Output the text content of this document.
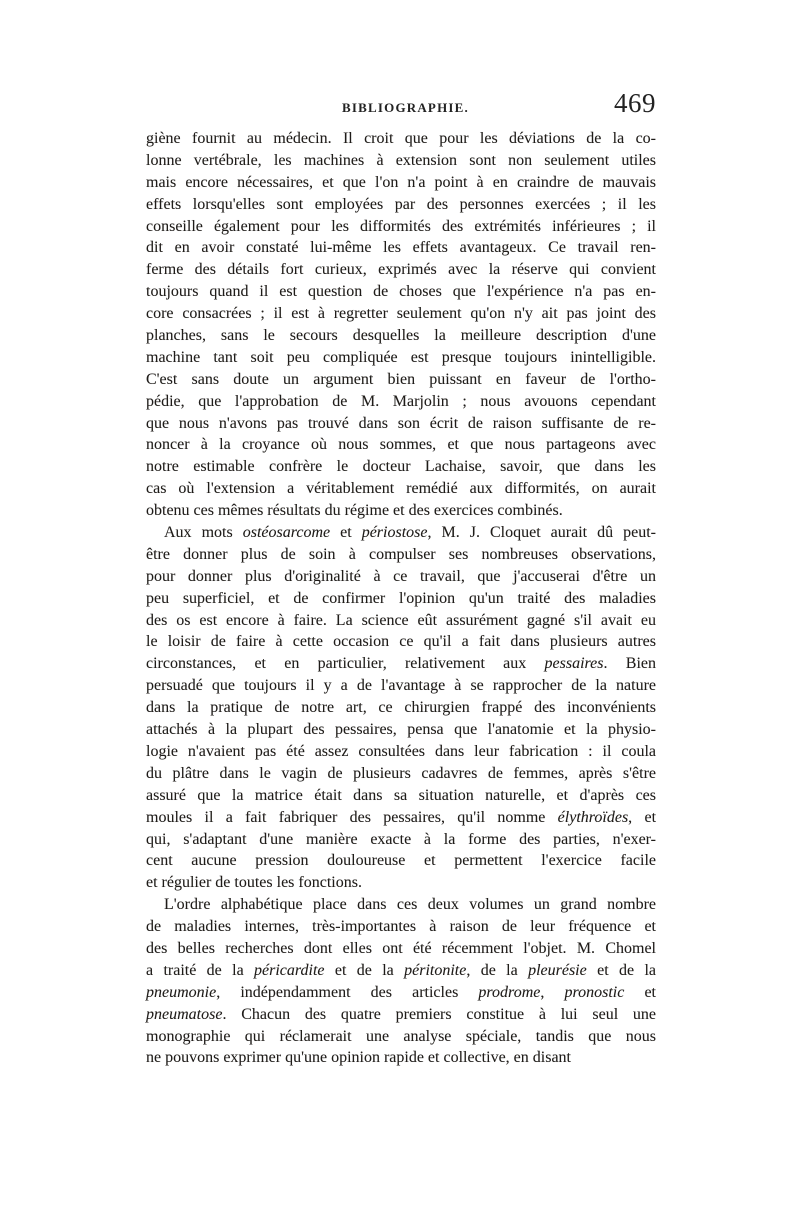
BIBLIOGRAPHIE.	469
giène fournit au médecin. Il croit que pour les déviations de la co-
lonne vertébrale, les machines à extension sont non seulement utiles
mais encore nécessaires, et que l'on n'a point à en craindre de mauvais
effets lorsqu'elles sont employées par des personnes exercées ; il les
conseille également pour les difformités des extrémités inférieures ; il
dit en avoir constaté lui-même les effets avantageux. Ce travail ren-
ferme des détails fort curieux, exprimés avec la réserve qui convient
toujours quand il est question de choses que l'expérience n'a pas en-
core consacrées ; il est à regretter seulement qu'on n'y ait pas joint des
planches, sans le secours desquelles la meilleure description d'une
machine tant soit peu compliquée est presque toujours inintelligible.
C'est sans doute un argument bien puissant en faveur de l'ortho-
pédie, que l'approbation de M. Marjolin ; nous avouons cependant
que nous n'avons pas trouvé dans son écrit de raison suffisante de re-
noncer à la croyance où nous sommes, et que nous partageons avec
notre estimable confrère le docteur Lachaise, savoir, que dans les
cas où l'extension a véritablement remédié aux difformités, on aurait
obtenu ces mêmes résultats du régime et des exercices combinés.
Aux mots ostéosarcome et périostose, M. J. Cloquet aurait dû peut-
être donner plus de soin à compulser ses nombreuses observations,
pour donner plus d'originalité à ce travail, que j'accuserai d'être un
peu superficiel, et de confirmer l'opinion qu'un traité des maladies
des os est encore à faire. La science eût assurément gagné s'il avait eu
le loisir de faire à cette occasion ce qu'il a fait dans plusieurs autres
circonstances, et en particulier, relativement aux pessaires. Bien
persuadé que toujours il y a de l'avantage à se rapprocher de la nature
dans la pratique de notre art, ce chirurgien frappé des inconvénients
attachés à la plupart des pessaires, pensa que l'anatomie et la physio-
logie n'avaient pas été assez consultées dans leur fabrication : il coula
du plâtre dans le vagin de plusieurs cadavres de femmes, après s'être
assuré que la matrice était dans sa situation naturelle, et d'après ces
moules il a fait fabriquer des pessaires, qu'il nomme élythroïdes, et
qui, s'adaptant d'une manière exacte à la forme des parties, n'exer-
cent aucune pression douloureuse et permettent l'exercice facile
et régulier de toutes les fonctions.
L'ordre alphabétique place dans ces deux volumes un grand nombre
de maladies internes, très-importantes à raison de leur fréquence et
des belles recherches dont elles ont été récemment l'objet. M. Chomel
a traité de la péricardite et de la péritonite, de la pleurésie et de la
pneumonie, indépendamment des articles prodrome, pronostic et
pneumatose. Chacun des quatre premiers constitue à lui seul une
monographie qui réclamerait une analyse spéciale, tandis que nous
ne pouvons exprimer qu'une opinion rapide et collective, en disant
